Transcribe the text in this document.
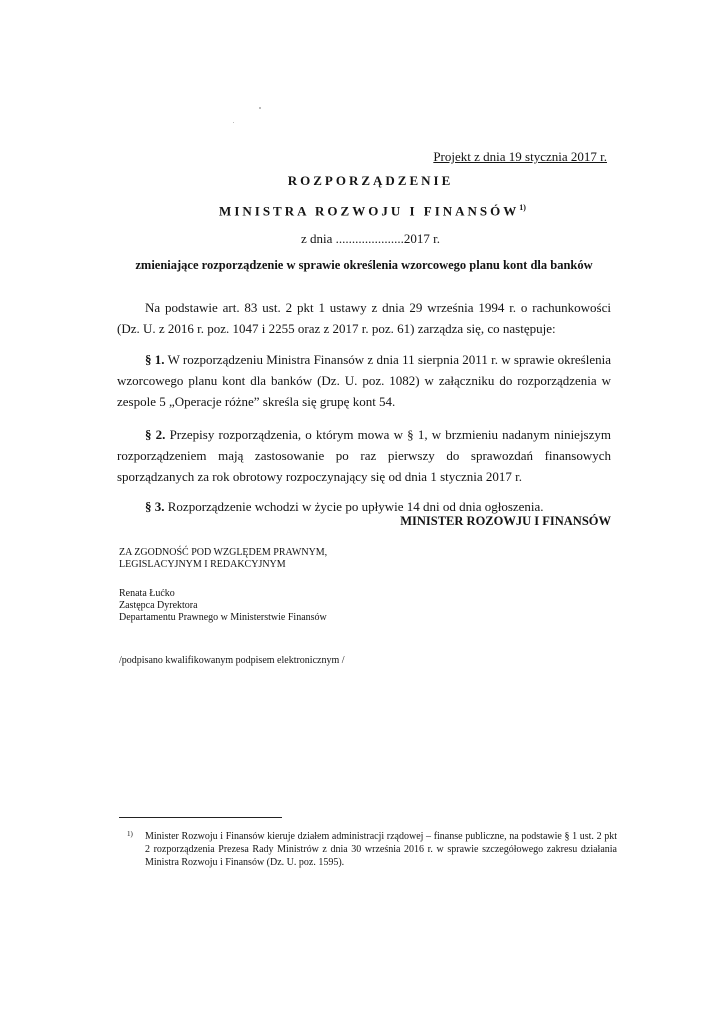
Projekt z dnia 19 stycznia 2017 r.
ROZPORZĄDZENIE
MINISTRA ROZWOJU I FINANSÓW$^{1)}$
z dnia .....................2017 r.
zmieniające rozporządzenie w sprawie określenia wzorcowego planu kont dla banków

Na podstawie art. 83 ust. 2 pkt 1 ustawy z dnia 29 września 1994 r. o rachunkowości (Dz. U. z 2016 r. poz. 1047 i 2255 oraz z 2017 r. poz. 61) zarządza się, co następuje:

§ 1. W rozporządzeniu Ministra Finansów z dnia 11 sierpnia 2011 r. w sprawie określenia wzorcowego planu kont dla banków (Dz. U. poz. 1082) w załączniku do rozporządzenia w zespole 5 „Operacje różne” skreśla się grupę kont 54.

§ 2. Przepisy rozporządzenia, o którym mowa w § 1, w brzmieniu nadanym niniejszym rozporządzeniem mają zastosowanie po raz pierwszy do sprawozdań finansowych sporządzanych za rok obrotowy rozpoczynający się od dnia 1 stycznia 2017 r.

§ 3. Rozporządzenie wchodzi w życie po upływie 14 dni od dnia ogłoszenia.

MINISTER ROZOWJU I FINANSÓW
ZA ZGODNOŚĆ POD WZGLĘDEM PRAWNYM,
LEGISLACYJNYM I REDAKCYJNYM
Renata Łućko
Zastępca Dyrektora
Departamentu Prawnego w Ministerstwie Finansów
/podpisano kwalifikowanym podpisem elektronicznym /
1) Minister Rozwoju i Finansów kieruje działem administracji rządowej – finanse publiczne, na podstawie § 1 ust. 2 pkt 2 rozporządzenia Prezesa Rady Ministrów z dnia 30 września 2016 r. w sprawie szczegółowego zakresu działania Ministra Rozwoju i Finansów (Dz. U. poz. 1595).
